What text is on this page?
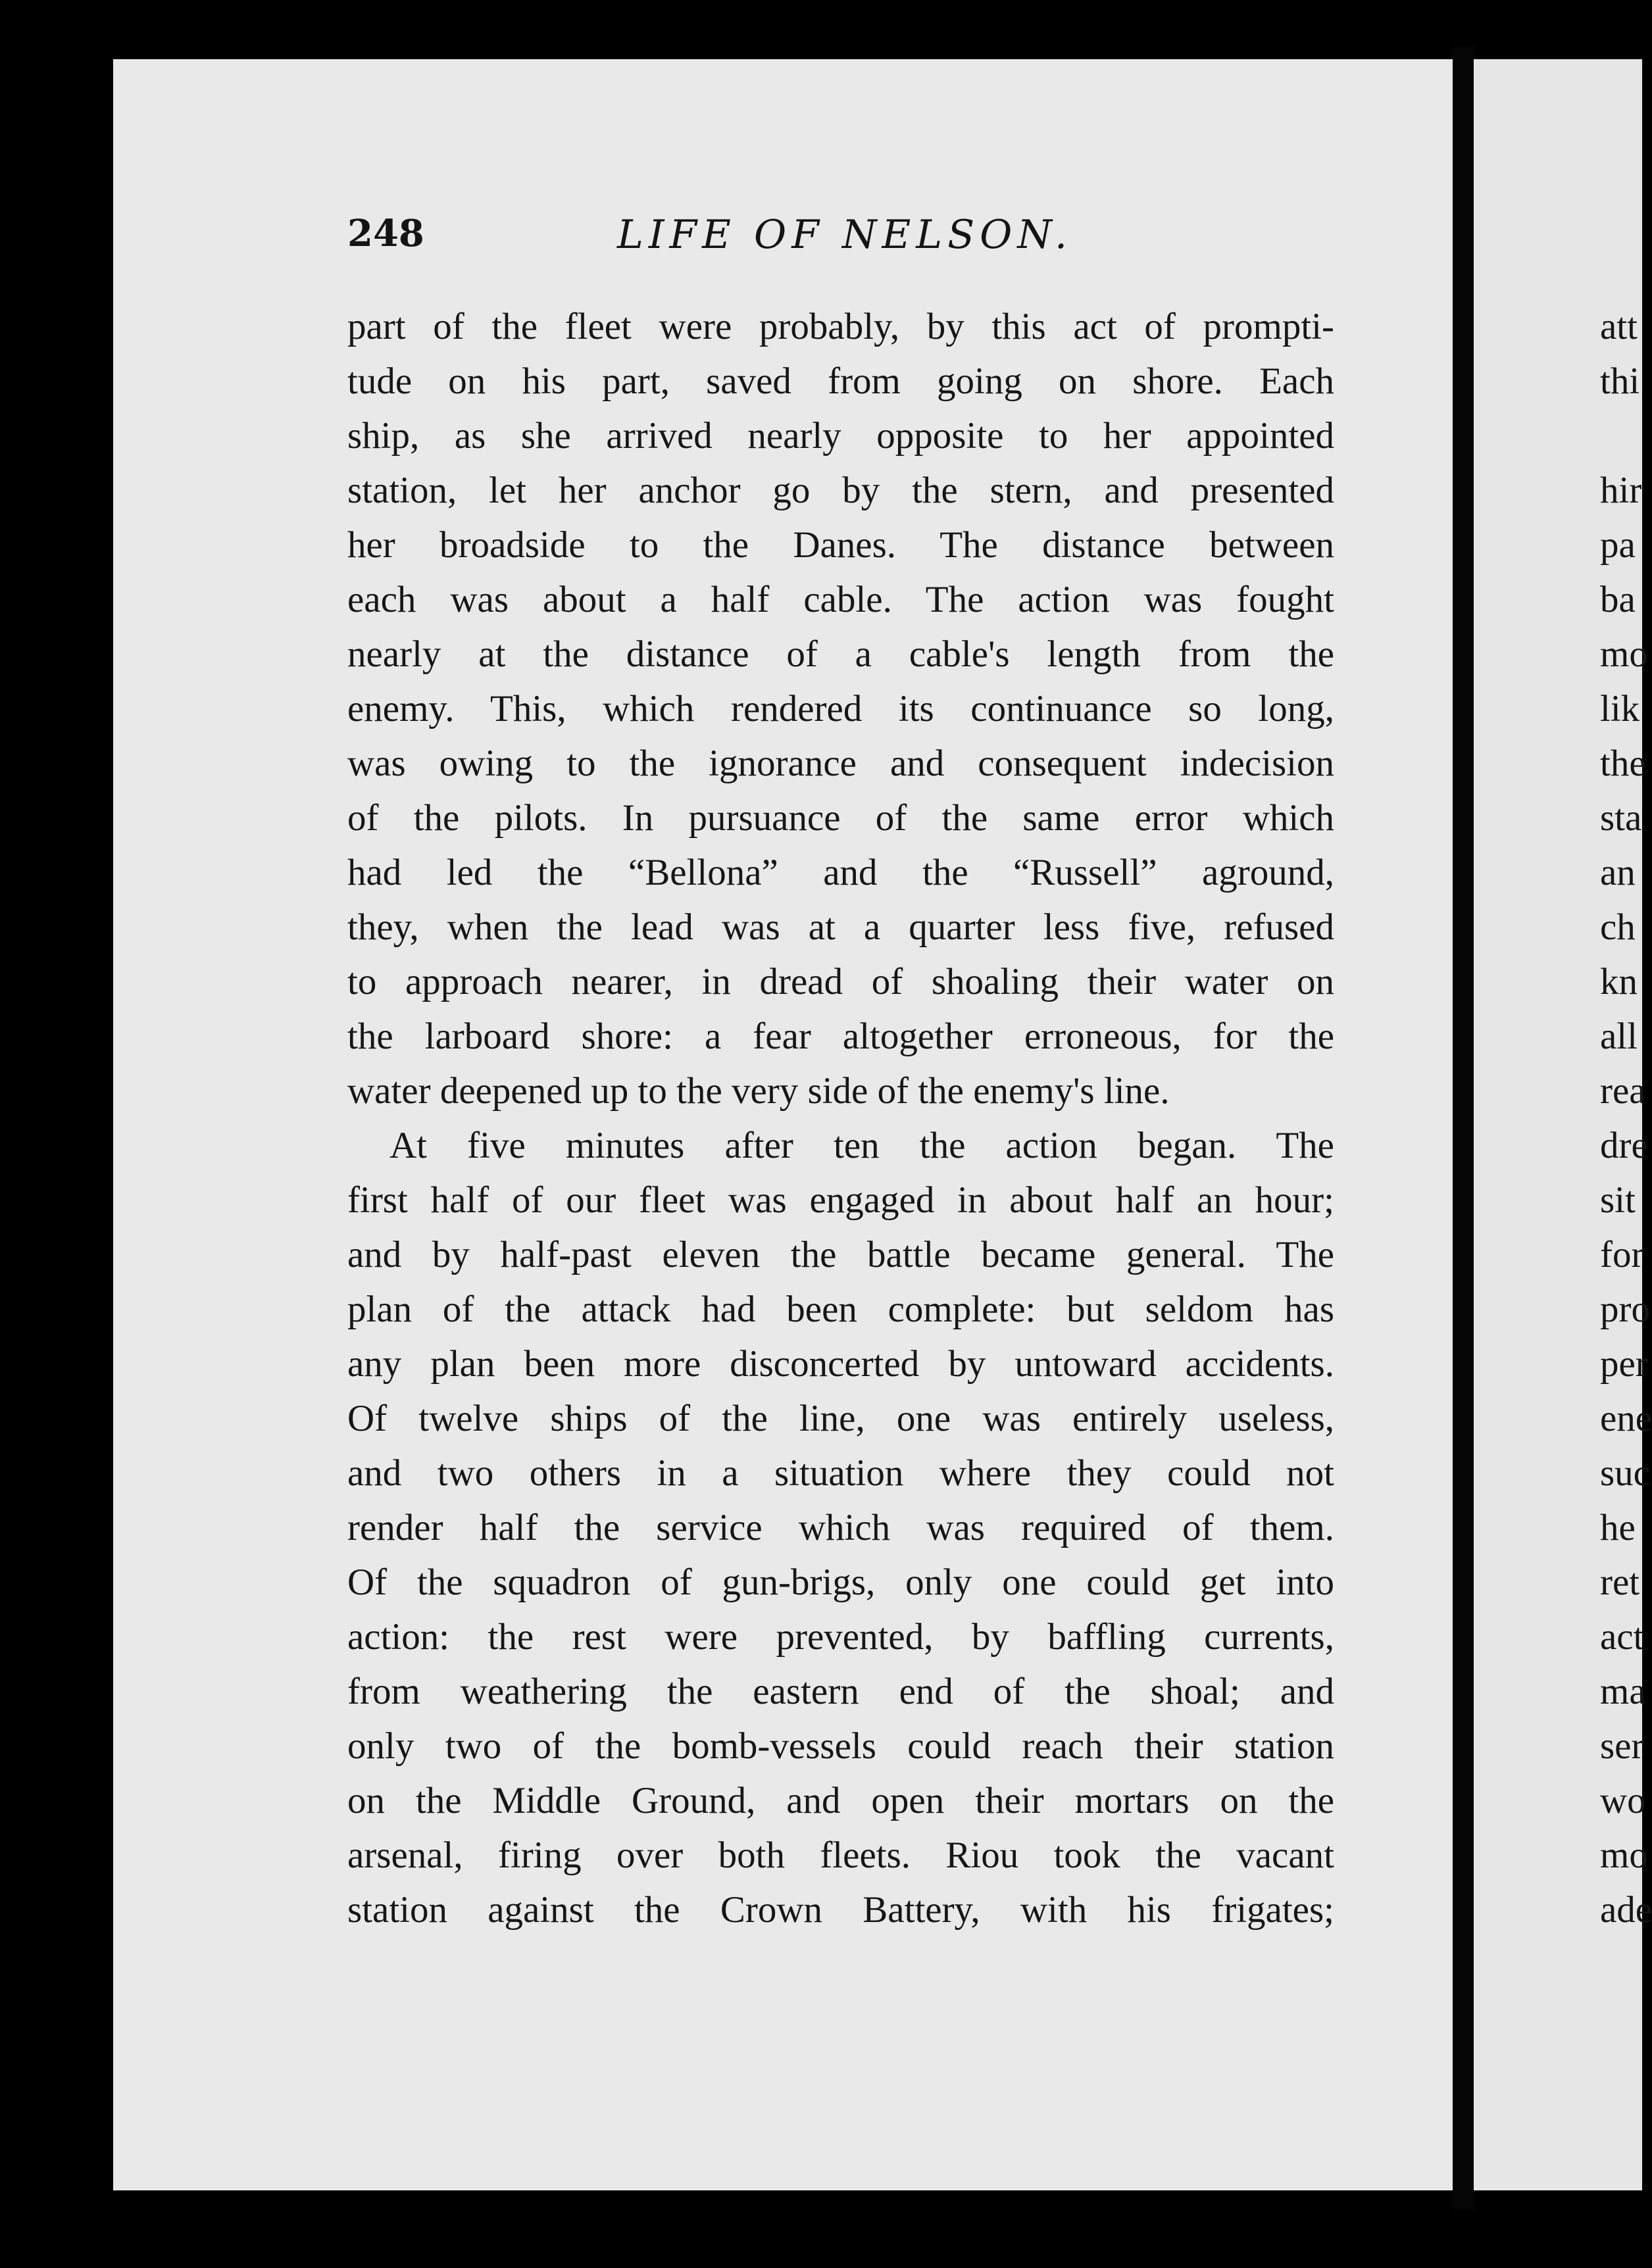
248	LIFE OF NELSON.
part of the fleet were probably, by this act of prompti-
tude on his part, saved from going on shore. Each
ship, as she arrived nearly opposite to her appointed
station, let her anchor go by the stern, and presented
her broadside to the Danes. The distance between
each was about a half cable. The action was fought
nearly at the distance of a cable's length from the
enemy. This, which rendered its continuance so long,
was owing to the ignorance and consequent indecision
of the pilots. In pursuance of the same error which
had led the “Bellona” and the “Russell” aground,
they, when the lead was at a quarter less five, refused
to approach nearer, in dread of shoaling their water on
the larboard shore: a fear altogether erroneous, for the
water deepened up to the very side of the enemy's line.
At five minutes after ten the action began. The
first half of our fleet was engaged in about half an hour;
and by half-past eleven the battle became general. The
plan of the attack had been complete: but seldom has
any plan been more disconcerted by untoward accidents.
Of twelve ships of the line, one was entirely useless,
and two others in a situation where they could not
render half the service which was required of them.
Of the squadron of gun-brigs, only one could get into
action: the rest were prevented, by baffling currents,
from weathering the eastern end of the shoal; and
only two of the bomb-vessels could reach their station
on the Middle Ground, and open their mortars on the
arsenal, firing over both fleets. Riou took the vacant
station against the Crown Battery, with his frigates;
att
thi
hir
pa
ba
mo
lik
the
sta
an
ch
kn
all
rea
dre
sit
for
pro
per
ene
suc
he
ret
act
ma
ser
wo
mo
ade
